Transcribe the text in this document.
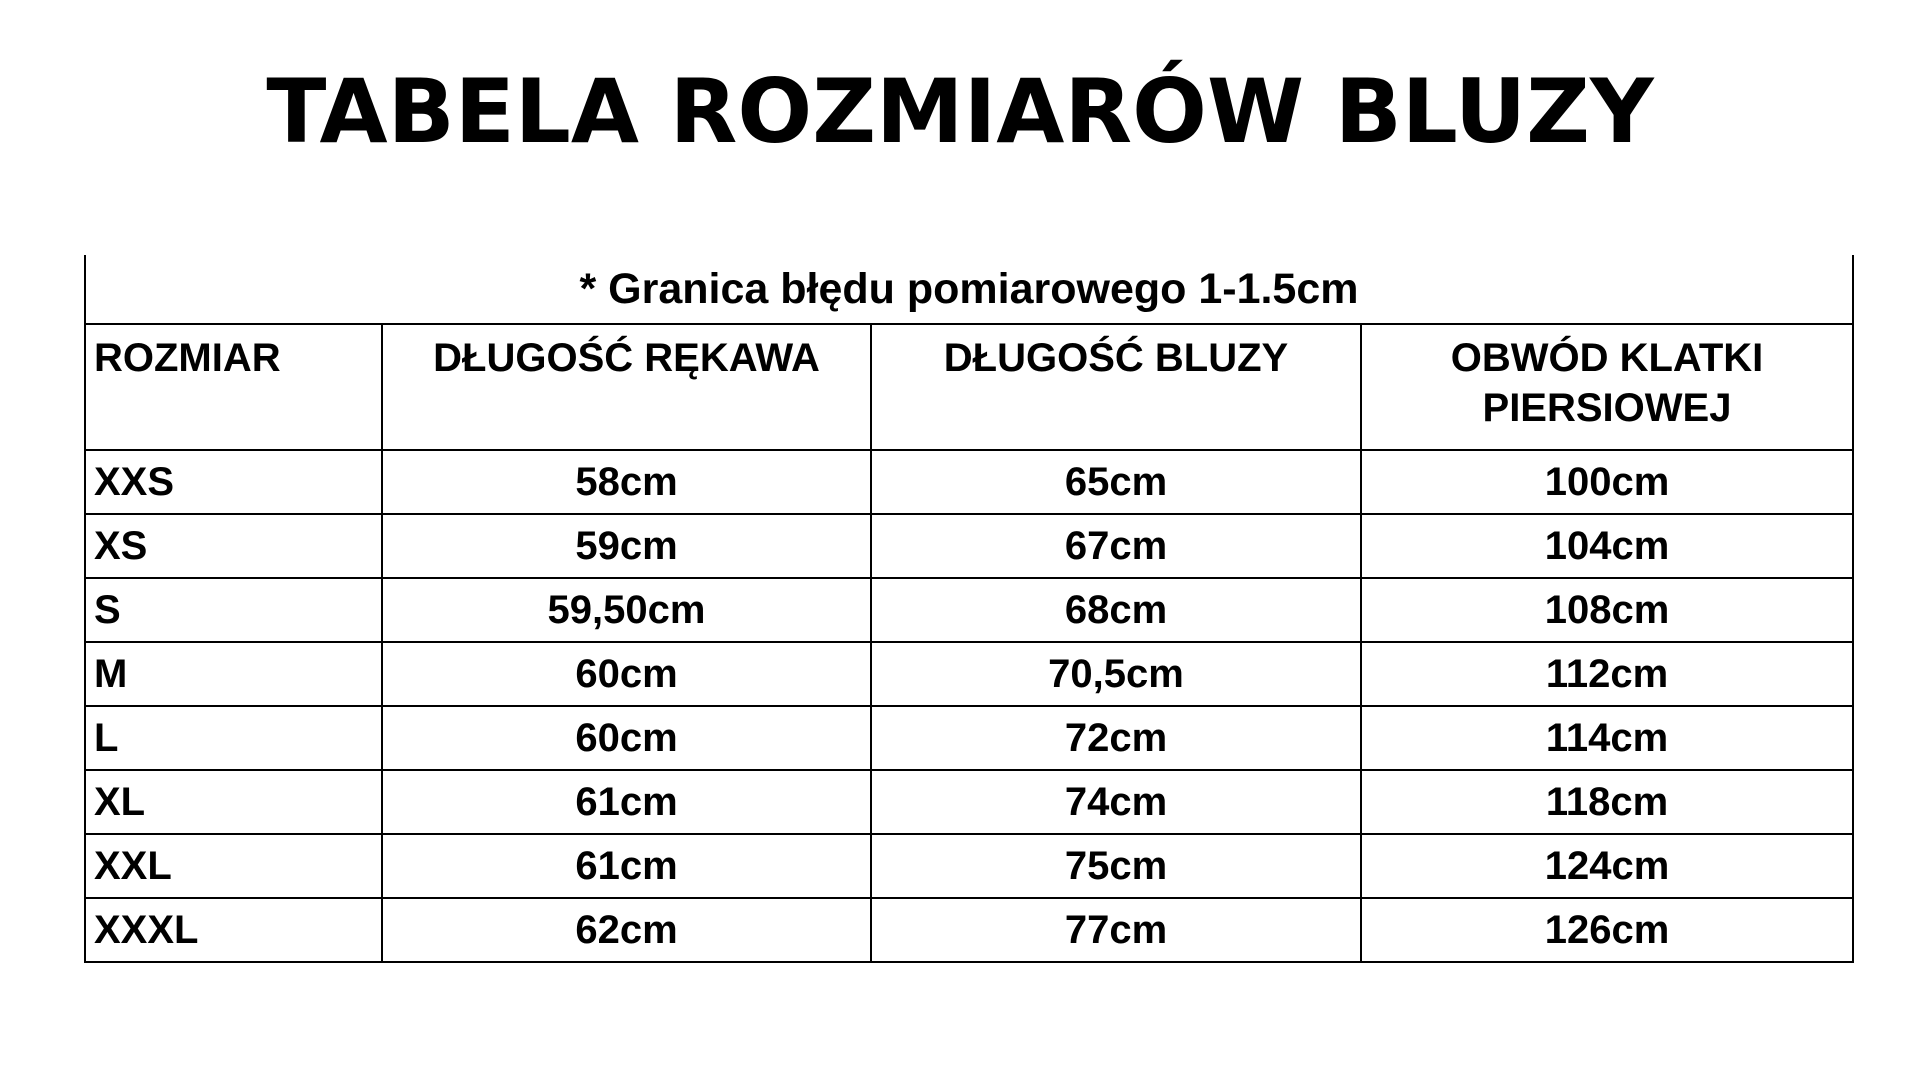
TABELA ROZMIARÓW BLUZY
* Granica błędu pomiarowego 1-1.5cm			
ROZMIAR	DŁUGOŚĆ RĘKAWA	DŁUGOŚĆ BLUZY	OBWÓD KLATKI PIERSIOWEJ
XXS	58cm	65cm	100cm
XS	59cm	67cm	104cm
S	59,50cm	68cm	108cm
M	60cm	70,5cm	112cm
L	60cm	72cm	114cm
XL	61cm	74cm	118cm
XXL	61cm	75cm	124cm
XXXL	62cm	77cm	126cm
